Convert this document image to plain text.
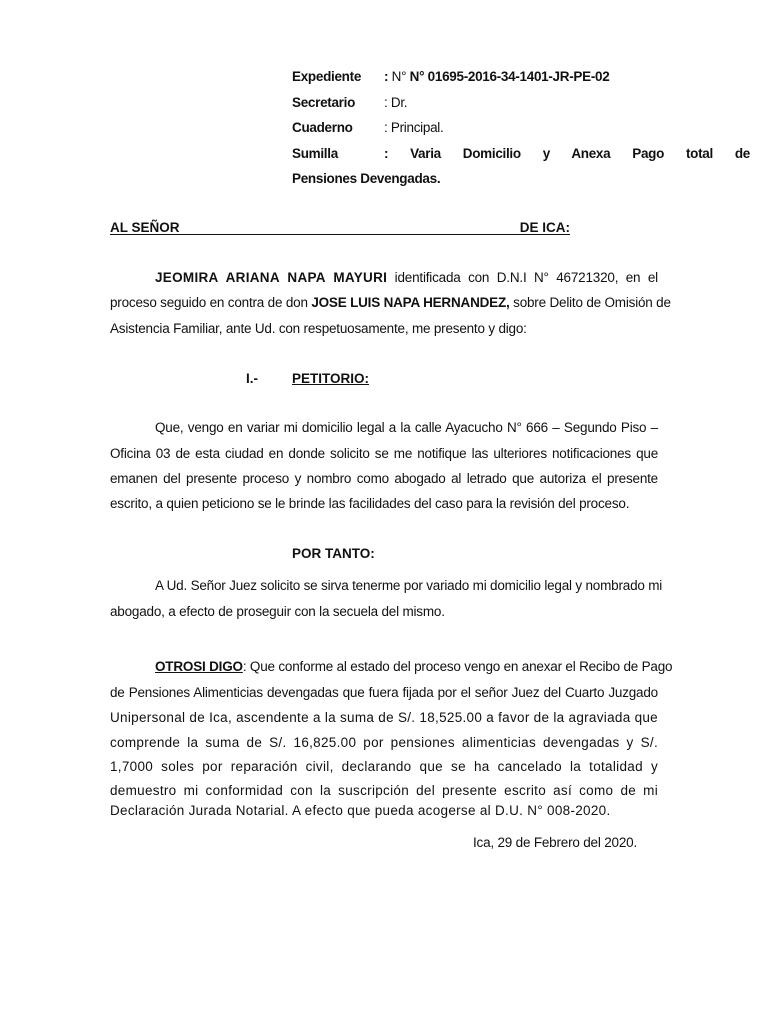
Expediente : N° N° 01695-2016-34-1401-JR-PE-02
Secretario : Dr.
Cuaderno : Principal.
Sumilla	: Varia Domicilio y Anexa Pago total de
Pensiones Devengadas.
AL SEÑOR	DE ICA:
JEOMIRA ARIANA NAPA MAYURI identificada con D.N.I N° 46721320, en el
proceso seguido en contra de don JOSE LUIS NAPA HERNANDEZ, sobre Delito de Omisión de
Asistencia Familiar, ante Ud. con respetuosamente, me presento y digo:
I.-	PETITORIO:
Que, vengo en variar mi domicilio legal a la calle Ayacucho N° 666 – Segundo Piso –
Oficina 03 de esta ciudad en donde solicito se me notifique las ulteriores notificaciones que
emanen del presente proceso y nombro como abogado al letrado que autoriza el presente
escrito, a quien peticiono se le brinde las facilidades del caso para la revisión del proceso.
POR TANTO:
A Ud. Señor Juez solicito se sirva tenerme por variado mi domicilio legal y nombrado mi
abogado, a efecto de proseguir con la secuela del mismo.
OTROSI DIGO: Que conforme al estado del proceso vengo en anexar el Recibo de Pago
de Pensiones Alimenticias devengadas que fuera fijada por el señor Juez del Cuarto Juzgado
Unipersonal de Ica, ascendente a la suma de S/. 18,525.00 a favor de la agraviada que
comprende la suma de S/. 16,825.00 por pensiones alimenticias devengadas y S/.
1,7000 soles por reparación civil, declarando que se ha cancelado la totalidad y
demuestro mi conformidad con la suscripción del presente escrito así como de mi
Declaración Jurada Notarial. A efecto que pueda acogerse al D.U. N° 008-2020.
Ica, 29 de Febrero del 2020.
